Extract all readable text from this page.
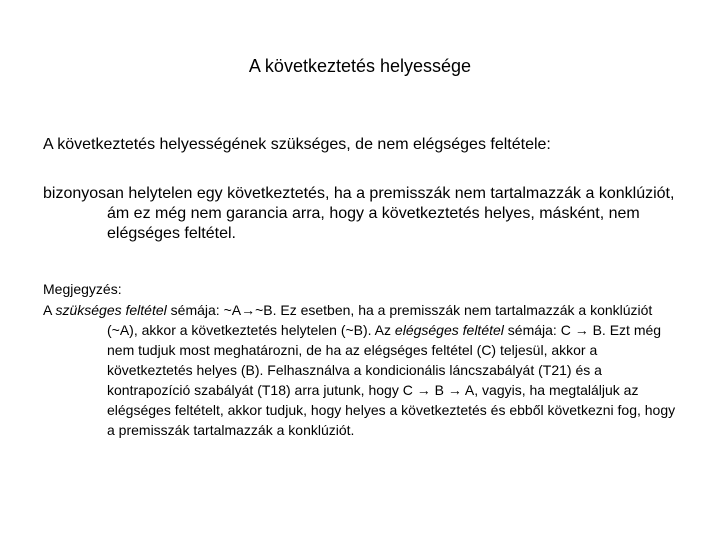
A következtetés helyessége

A következtetés helyességének szükséges, de nem elégséges feltétele:

bizonyosan helytelen egy következtetés, ha a premisszák nem tartalmazzák a konklúziót, ám ez még nem garancia arra, hogy a következtetés helyes, másként, nem elégséges feltétel.

Megjegyzés:

A szükséges feltétel sémája: ~A→~B. Ez esetben, ha a premisszák nem tartalmazzák a konklúziót (~A), akkor a következtetés helytelen (~B). Az elégséges feltétel sémája: C → B. Ezt még nem tudjuk most meghatározni, de ha az elégséges feltétel (C) teljesül, akkor a következtetés helyes (B). Felhasználva a kondicionális láncszabályát (T21) és a kontrapozíció szabályát (T18) arra jutunk, hogy C → B → A, vagyis, ha megtaláljuk az elégséges feltételt, akkor tudjuk, hogy helyes a következtetés és ebből következni fog, hogy a premisszák tartalmazzák a konklúziót.
